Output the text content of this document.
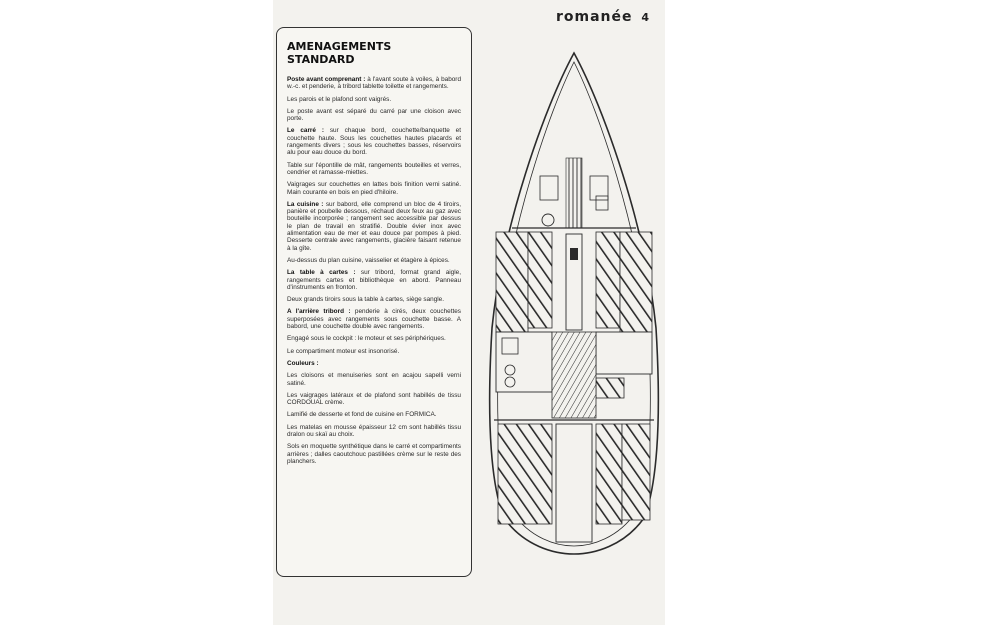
romanée 4
AMENAGEMENTS STANDARD

Poste avant comprenant : à l'avant soute à voiles, à babord w.-c. et penderie, à tribord tablette toilette et rangements.

Les parois et le plafond sont vaigrés.

Le poste avant est séparé du carré par une cloison avec porte.

Le carré : sur chaque bord, couchette/banquette et couchette haute. Sous les couchettes hautes placards et rangements divers ; sous les couchettes basses, réservoirs alu pour eau douce du bord.

Table sur l'épontille de mât, rangements bouteilles et verres, cendrier et ramasse-miettes.

Vaigrages sur couchettes en lattes bois finition verni satiné. Main courante en bois en pied d'hiloire.

La cuisine : sur babord, elle comprend un bloc de 4 tiroirs, panière et poubelle dessous, réchaud deux feux au gaz avec bouteille incorporée ; rangement sec accessible par dessus le plan de travail en stratifié. Double évier inox avec alimentation eau de mer et eau douce par pompes à pied. Desserte centrale avec rangements, glacière faisant retenue à la gîte.

Au-dessus du plan cuisine, vaisselier et étagère à épices.

La table à cartes : sur tribord, format grand aigle, rangements cartes et bibliothèque en abord. Panneau d'instruments en fronton.

Deux grands tiroirs sous la table à cartes, siège sangle.

A l'arrière tribord : penderie à cirés, deux couchettes superposées avec rangements sous couchette basse. A babord, une couchette double avec rangements.

Engagé sous le cockpit : le moteur et ses périphériques.

Le compartiment moteur est insonorisé.

Couleurs :

Les cloisons et menuiseries sont en acajou sapelli verni satiné.

Les vaigrages latéraux et de plafond sont habillés de tissu CORDOUAL crème.

Lamifié de desserte et fond de cuisine en FORMICA.

Les matelas en mousse épaisseur 12 cm sont habillés tissu dralon ou skaï au choix.

Sols en moquette synthétique dans le carré et compartiments arrières ; dalles caoutchouc pastillées crème sur le reste des planchers.
